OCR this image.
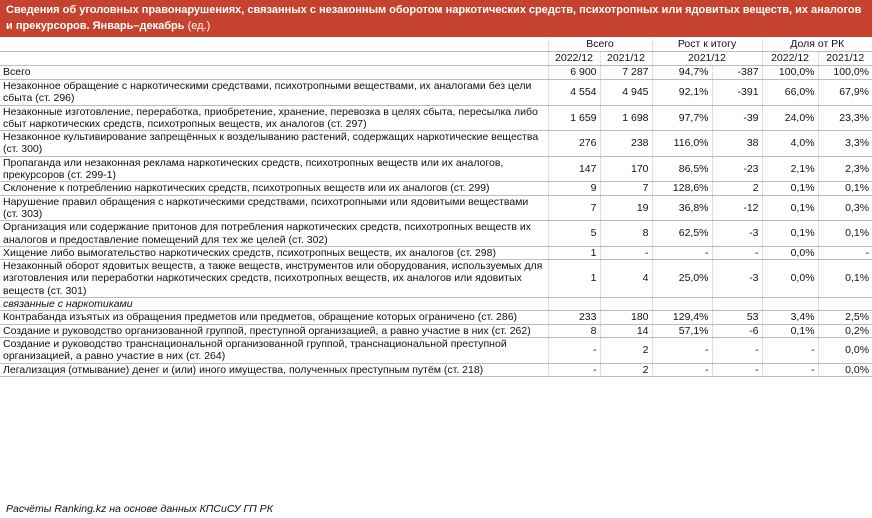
Сведения об уголовных правонарушениях, связанных с незаконным оборотом наркотических средств, психотропных или ядовитых веществ, их аналогов и прекурсоров. Январь–декабрь (ед.)
	Всего		Рост к итогу		Доля от РК	
	2022/12	2021/12	2021/12		2022/12	2021/12
Всего	6 900	7 287	94,7%	-387	100,0%	100,0%
Незаконное обращение с наркотическими средствами, психотропными веществами, их аналогами без цели сбыта (ст. 296)	4 554	4 945	92,1%	-391	66,0%	67,9%
Незаконные изготовление, переработка, приобретение, хранение, перевозка в целях сбыта, пересылка либо сбыт наркотических средств, психотропных веществ, их аналогов (ст. 297)	1 659	1 698	97,7%	-39	24,0%	23,3%
Незаконное культивирование запрещённых к возделыванию растений, содержащих наркотические вещества (ст. 300)	276	238	116,0%	38	4,0%	3,3%
Пропаганда или незаконная реклама наркотических средств, психотропных веществ или их аналогов, прекурсоров (ст. 299-1)	147	170	86,5%	-23	2,1%	2,3%
Склонение к потреблению наркотических средств, психотропных веществ или их аналогов (ст. 299)	9	7	128,6%	2	0,1%	0,1%
Нарушение правил обращения с наркотическими средствами, психотропными или ядовитыми веществами (ст. 303)	7	19	36,8%	-12	0,1%	0,3%
Организация или содержание притонов для потребления наркотических средств, психотропных веществ их аналогов и предоставление помещений для тех же целей (ст. 302)	5	8	62,5%	-3	0,1%	0,1%
Хищение либо вымогательство наркотических средств, психотропных веществ, их аналогов (ст. 298)	1	-	-	-	0,0%	-
Незаконный оборот ядовитых веществ, а также веществ, инструментов или оборудования, используемых для изготовления или переработки наркотических средств, психотропных веществ, их аналогов или ядовитых веществ (ст. 301)	1	4	25,0%	-3	0,0%	0,1%
связанные с наркотиками						
Контрабанда изъятых из обращения предметов или предметов, обращение которых ограничено (ст. 286)	233	180	129,4%	53	3,4%	2,5%
Создание и руководство организованной группой, преступной организацией, а равно участие в них (ст. 262)	8	14	57,1%	-6	0,1%	0,2%
Создание и руководство транснациональной организованной группой, транснациональной преступной организацией, а равно участие в них (ст. 264)	-	2	-	-	-	0,0%
Легализация (отмывание) денег и (или) иного имущества, полученных преступным путём (ст. 218)	-	2	-	-	-	0,0%
Расчёты Ranking.kz на основе данных КПСиСУ ГП РК
